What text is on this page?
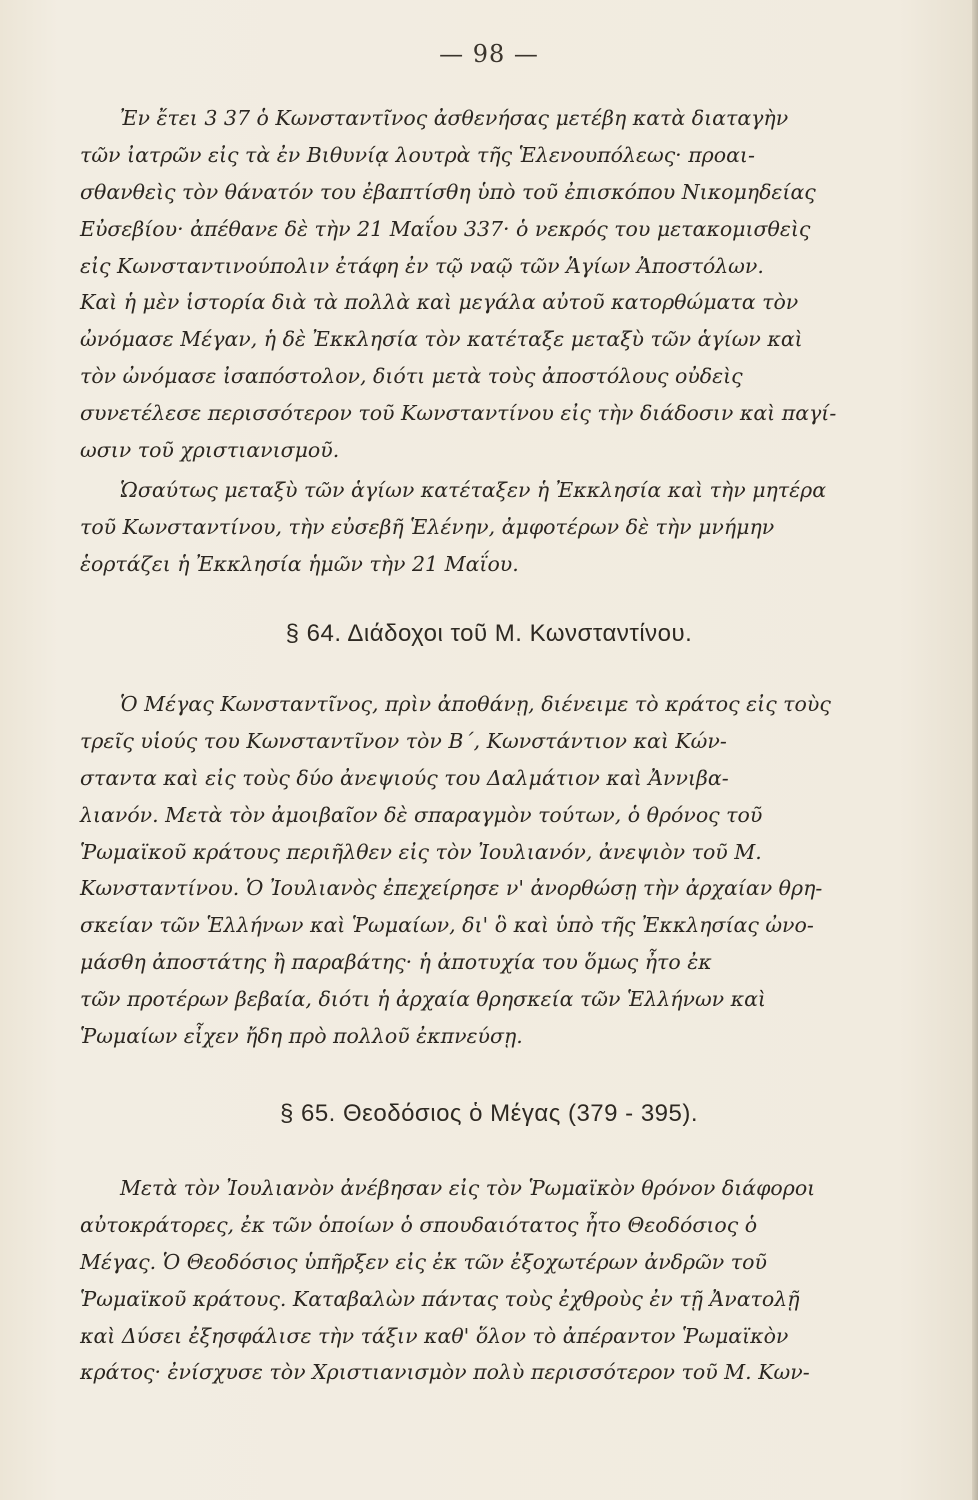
— 98 —
Ἐν ἔτει 3 37 ὁ Κωνσταντῖνος ἀσθενήσας μετέβη κατὰ διαταγὴν
τῶν ἰατρῶν εἰς τὰ ἐν Βιθυνίᾳ λουτρὰ τῆς Ἑλενουπόλεως· προαι-
σθανθεὶς τὸν θάνατόν του ἐβαπτίσθη ὑπὸ τοῦ ἐπισκόπου Νικομηδείας
Εὐσεβίου· ἀπέθανε δὲ τὴν 21 Μαΐου 337· ὁ νεκρός του μετακομισθεὶς
εἰς Κωνσταντινούπολιν ἐτάφη ἐν τῷ ναῷ τῶν Ἁγίων Ἀποστόλων.
Καὶ ἡ μὲν ἱστορία διὰ τὰ πολλὰ καὶ μεγάλα αὐτοῦ κατορθώματα τὸν
ὠνόμασε Μέγαν, ἡ δὲ Ἐκκλησία τὸν κατέταξε μεταξὺ τῶν ἁγίων καὶ
τὸν ὠνόμασε ἰσαπόστολον, διότι μετὰ τοὺς ἀποστόλους οὐδεὶς
συνετέλεσε περισσότερον τοῦ Κωνσταντίνου εἰς τὴν διάδοσιν καὶ παγί-
ωσιν τοῦ χριστιανισμοῦ.
Ὡσαύτως μεταξὺ τῶν ἁγίων κατέταξεν ἡ Ἐκκλησία καὶ τὴν μητέρα
τοῦ Κωνσταντίνου, τὴν εὐσεβῆ Ἑλένην, ἀμφοτέρων δὲ τὴν μνήμην
ἑορτάζει ἡ Ἐκκλησία ἡμῶν τὴν 21 Μαΐου.
§ 64. Διάδοχοι τοῦ Μ. Κωνσταντίνου.
Ὁ Μέγας Κωνσταντῖνος, πρὶν ἀποθάνῃ, διένειμε τὸ κράτος εἰς τοὺς
τρεῖς υἱούς του Κωνσταντῖνον τὸν Β΄, Κωνστάντιον καὶ Κών-
σταντα καὶ εἰς τοὺς δύο ἀνεψιούς του Δαλμάτιον καὶ Ἀννιβα-
λιανόν. Μετὰ τὸν ἀμοιβαῖον δὲ σπαραγμὸν τούτων, ὁ θρόνος τοῦ
Ῥωμαϊκοῦ κράτους περιῆλθεν εἰς τὸν Ἰουλιανόν, ἀνεψιὸν τοῦ Μ.
Κωνσταντίνου. Ὁ Ἰουλιανὸς ἐπεχείρησε ν' ἀνορθώσῃ τὴν ἀρχαίαν θρη-
σκείαν τῶν Ἑλλήνων καὶ Ῥωμαίων, δι' ὃ καὶ ὑπὸ τῆς Ἐκκλησίας ὠνο-
μάσθη ἀποστάτης ἢ παραβάτης· ἡ ἀποτυχία του ὅμως ἦτο ἐκ
τῶν προτέρων βεβαία, διότι ἡ ἀρχαία θρησκεία τῶν Ἑλλήνων καὶ
Ῥωμαίων εἶχεν ἤδη πρὸ πολλοῦ ἐκπνεύσῃ.
§ 65. Θεοδόσιος ὁ Μέγας (379 - 395).
Μετὰ τὸν Ἰουλιανὸν ἀνέβησαν εἰς τὸν Ῥωμαϊκὸν θρόνον διάφοροι
αὐτοκράτορες, ἐκ τῶν ὁποίων ὁ σπουδαιότατος ἦτο Θεοδόσιος ὁ
Μέγας. Ὁ Θεοδόσιος ὑπῆρξεν εἰς ἐκ τῶν ἐξοχωτέρων ἀνδρῶν τοῦ
Ῥωμαϊκοῦ κράτους. Καταβαλὼν πάντας τοὺς ἐχθροὺς ἐν τῇ Ἀνατολῇ
καὶ Δύσει ἐξησφάλισε τὴν τάξιν καθ' ὅλον τὸ ἀπέραντον Ῥωμαϊκὸν
κράτος· ἐνίσχυσε τὸν Χριστιανισμὸν πολὺ περισσότερον τοῦ Μ. Κων-
